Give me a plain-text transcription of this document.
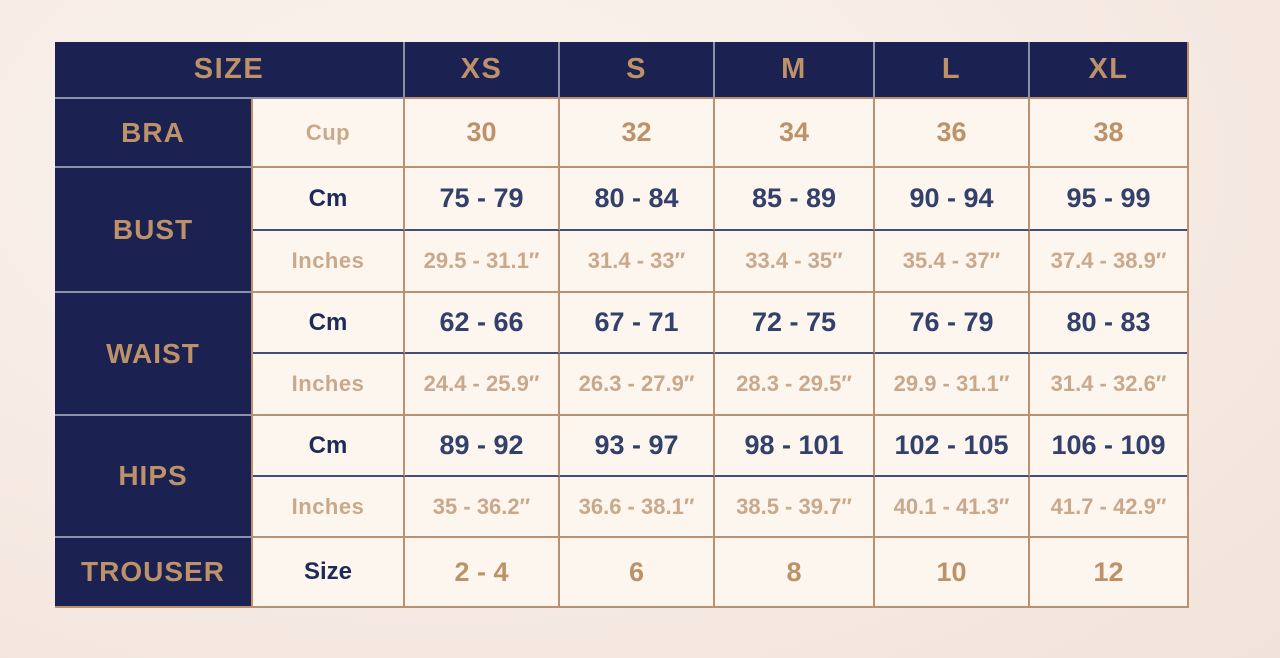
SIZE	XS	S	M	L	XL
BRA	Cup	30	32	34	36	38
BUST
Cm	75 - 79	80 - 84	85 - 89	90 - 94	95 - 99
Inches	29.5 - 31.1″	31.4 - 33″	33.4 - 35″	35.4 - 37″	37.4 - 38.9″
WAIST
Cm	62 - 66	67 - 71	72 - 75	76 - 79	80 - 83
Inches	24.4 - 25.9″	26.3 - 27.9″	28.3 - 29.5″	29.9 - 31.1″	31.4 - 32.6″
HIPS
Cm	89 - 92	93 - 97	98 - 101	102 - 105	106 - 109
Inches	35 - 36.2″	36.6 - 38.1″	38.5 - 39.7″	40.1 - 41.3″	41.7 - 42.9″
TROUSER	Size	2 - 4	6	8	10	12
